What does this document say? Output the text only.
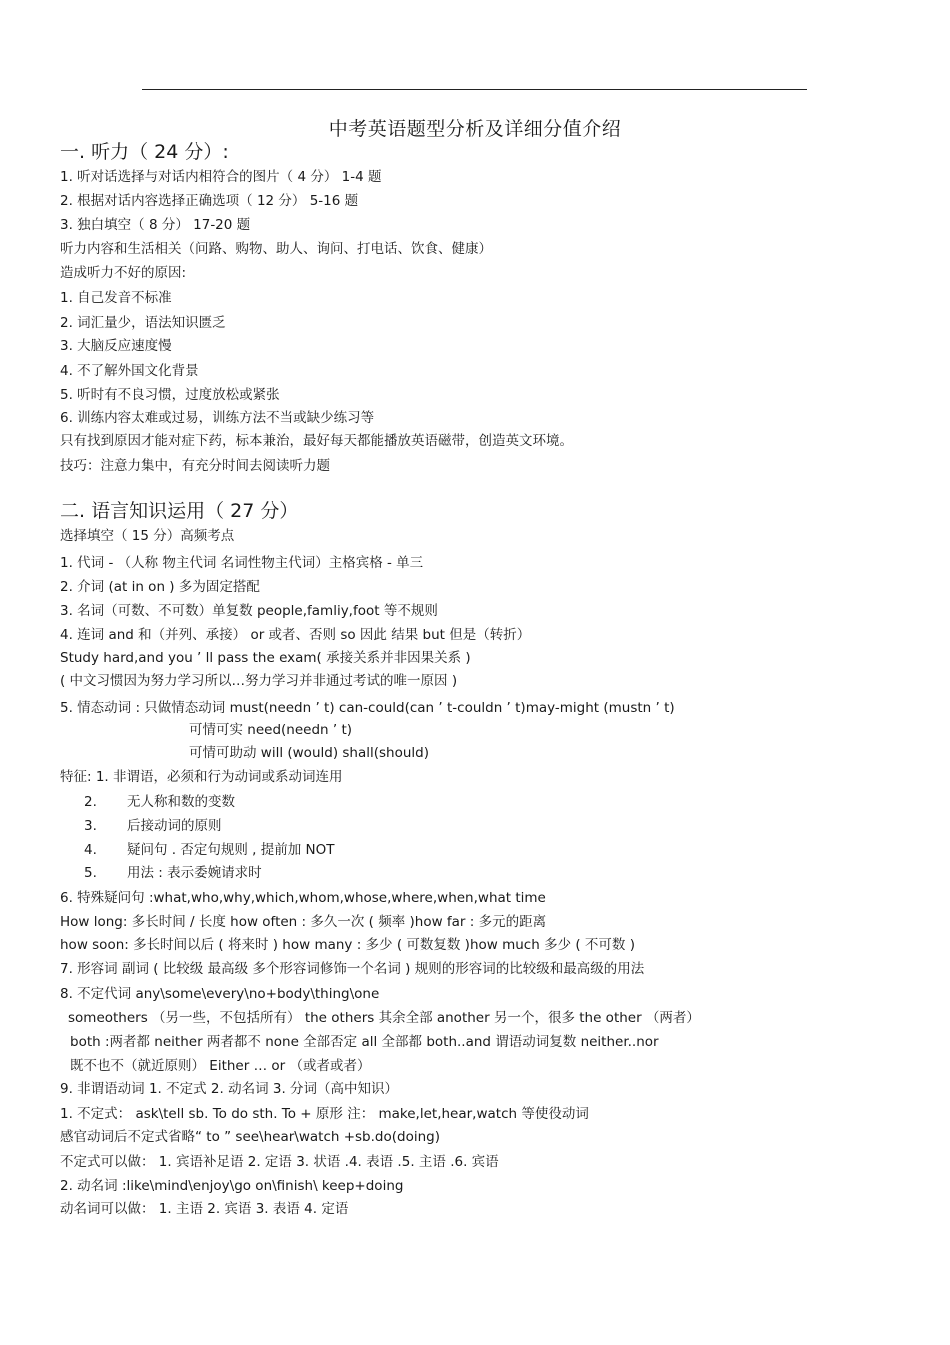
中考英语题型分析及详细分值介绍
一. 听力（ 24 分）:
1. 听对话选择与对话内相符合的图片（ 4 分） 1-4 题
2. 根据对话内容选择正确选项（ 12 分） 5-16 题
3. 独白填空（ 8 分） 17-20 题
听力内容和生活相关（问路、购物、助人、询问、打电话、饮食、健康）
造成听力不好的原因:
1. 自己发音不标准
2. 词汇量少，语法知识匮乏
3. 大脑反应速度慢
4. 不了解外国文化背景
5. 听时有不良习惯，过度放松或紧张
6. 训练内容太难或过易，训练方法不当或缺少练习等
只有找到原因才能对症下药，标本兼治，最好每天都能播放英语磁带，创造英文环境。
技巧：注意力集中，有充分时间去阅读听力题
二. 语言知识运用（ 27 分）
选择填空（ 15 分）高频考点
1. 代词 - （人称 物主代词 名词性物主代词）主格宾格 - 单三
2. 介词 (at in on ) 多为固定搭配
3. 名词（可数、不可数）单复数 people,famliy,foot 等不规则
4. 连词 and 和（并列、承接） or 或者、否则 so 因此 结果 but 但是（转折）
Study hard,and you ’ ll pass the exam( 承接关系并非因果关系 )
( 中文习惯因为努力学习所以…努力学习并非通过考试的唯一原因 )
5. 情态动词 : 只做情态动词 must(needn ’ t) can-could(can ’ t-couldn ’ t)may-might (mustn ’ t)
可情可实 need(needn ’ t)
可情可助动 will (would) shall(should)
特征: 1. 非谓语，必须和行为动词或系动词连用
2. 无人称和数的变数
3. 后接动词的原则
4. 疑问句 . 否定句规则 , 提前加 NOT
5. 用法 : 表示委婉请求时
6. 特殊疑问句 :what,who,why,which,whom,whose,where,when,what time
How long: 多长时间 / 长度 how often : 多久一次 ( 频率 )how far : 多元的距离
how soon: 多长时间以后 ( 将来时 ) how many : 多少 ( 可数复数 )how much 多少 ( 不可数 )
7. 形容词 副词 ( 比较级 最高级 多个形容词修饰一个名词 ) 规则的形容词的比较级和最高级的用法
8. 不定代词 any\some\every\no+body\thing\one
someothers （另一些，不包括所有） the others 其余全部 another 另一个，很多 the other （两者）
both :两者都 neither 两者都不 none 全部否定 all 全部都 both..and 谓语动词复数 neither..nor
既不也不（就近原则） Either … or （或者或者）
9. 非谓语动词 1. 不定式 2. 动名词 3. 分词（高中知识）
1. 不定式： ask\tell sb. To do sth. To + 原形 注： make,let,hear,watch 等使役动词
感官动词后不定式省略“ to ” see\hear\watch +sb.do(doing)
不定式可以做： 1. 宾语补足语 2. 定语 3. 状语 .4. 表语 .5. 主语 .6. 宾语
2. 动名词 :like\mind\enjoy\go on\finish\ keep+doing
动名词可以做： 1. 主语 2. 宾语 3. 表语 4. 定语
